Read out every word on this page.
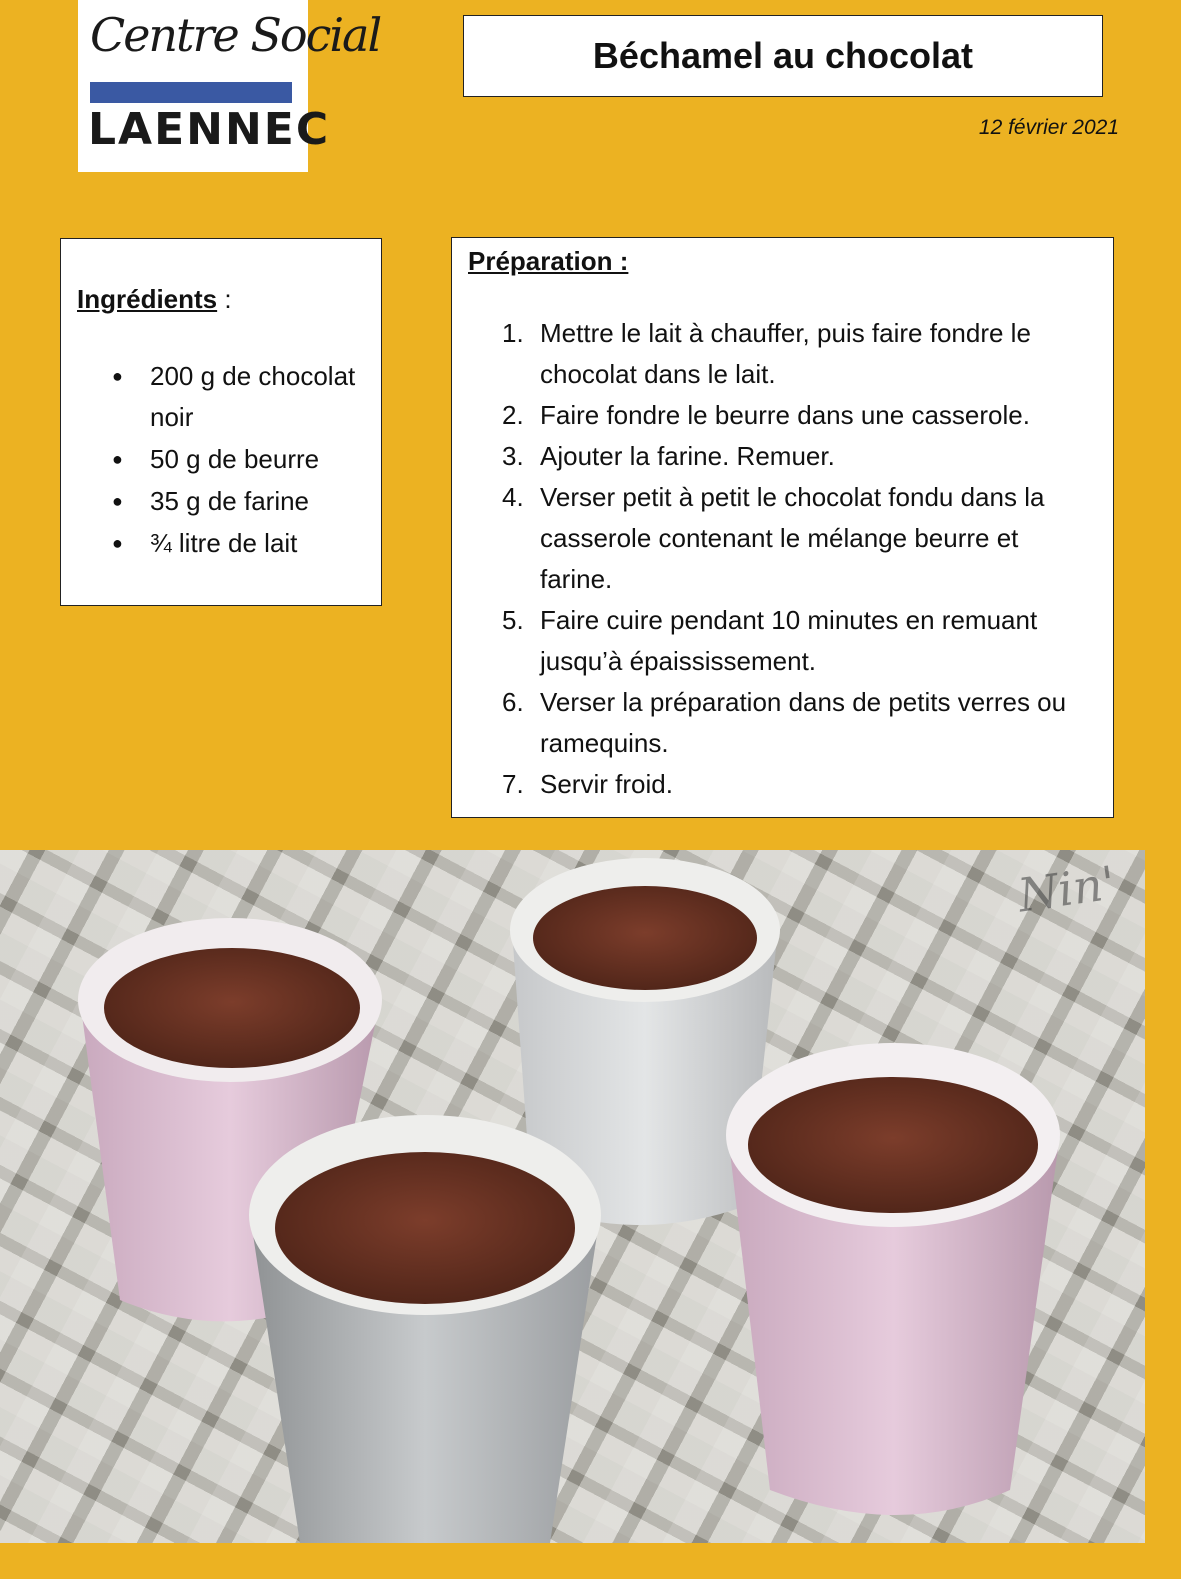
Centre Social
LAENNEC
Béchamel au chocolat
12 février 2021
Ingrédients :
● 200 g de chocolat noir
● 50 g de beurre
● 35 g de farine
● ¾ litre de lait
Préparation :
1. Mettre le lait à chauffer, puis faire fondre le chocolat dans le lait.
2. Faire fondre le beurre dans une casserole.
3. Ajouter la farine. Remuer.
4. Verser petit à petit le chocolat fondu dans la casserole contenant le mélange beurre et farine.
5. Faire cuire pendant 10 minutes en remuant jusqu’à épaississement.
6. Verser la préparation dans de petits verres ou ramequins.
7. Servir froid.
Nin'
